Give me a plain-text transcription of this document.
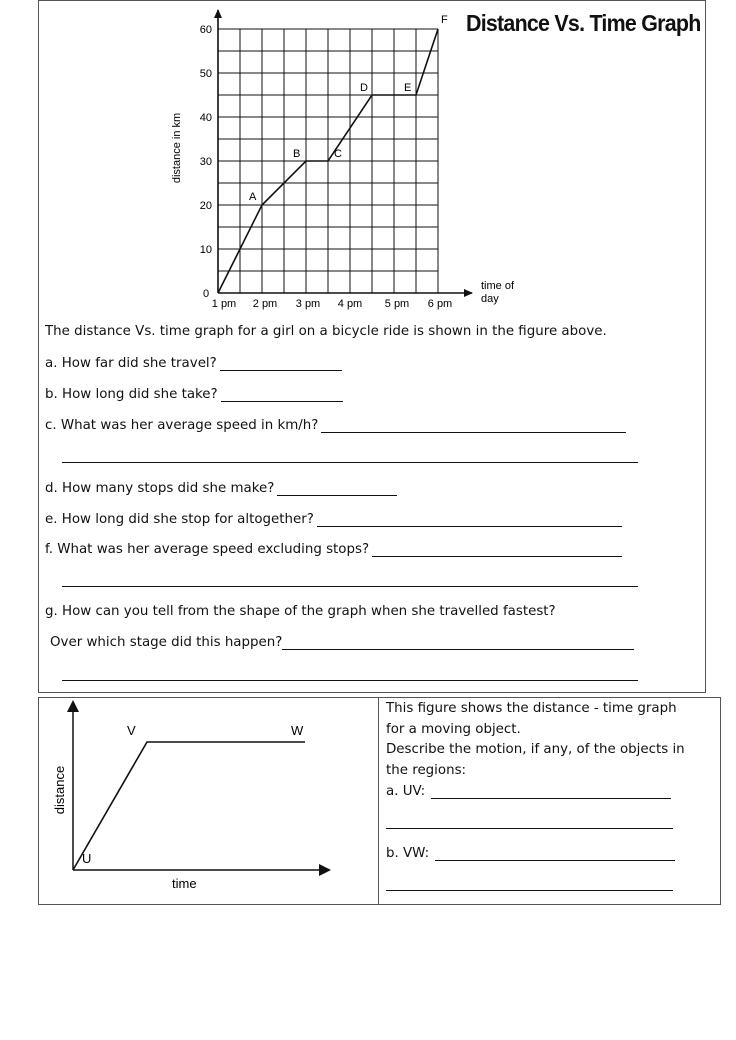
Distance Vs. Time Graph
10
20
30
40
50
60
1 pm 2 pm 3 pm 4 pm 5 pm 6 pm
A
B	C
D	E
F
distance in km
time of
day
0
The distance Vs. time graph for a girl on a bicycle ride is shown in the figure above.
a. How far did she travel?
b. How long did she take?
c. What was her average speed in km/h?
d. How many stops did she make?
e. How long did she stop for altogether?
f. What was her average speed excluding stops?
g. How can you tell from the shape of the graph when she travelled fastest?
Over which stage did this happen?
distance
time
U
V	W
This figure shows the distance - time graph
for a moving object.
Describe the motion, if any, of the objects in
the regions:
a. UV:
b. VW:
